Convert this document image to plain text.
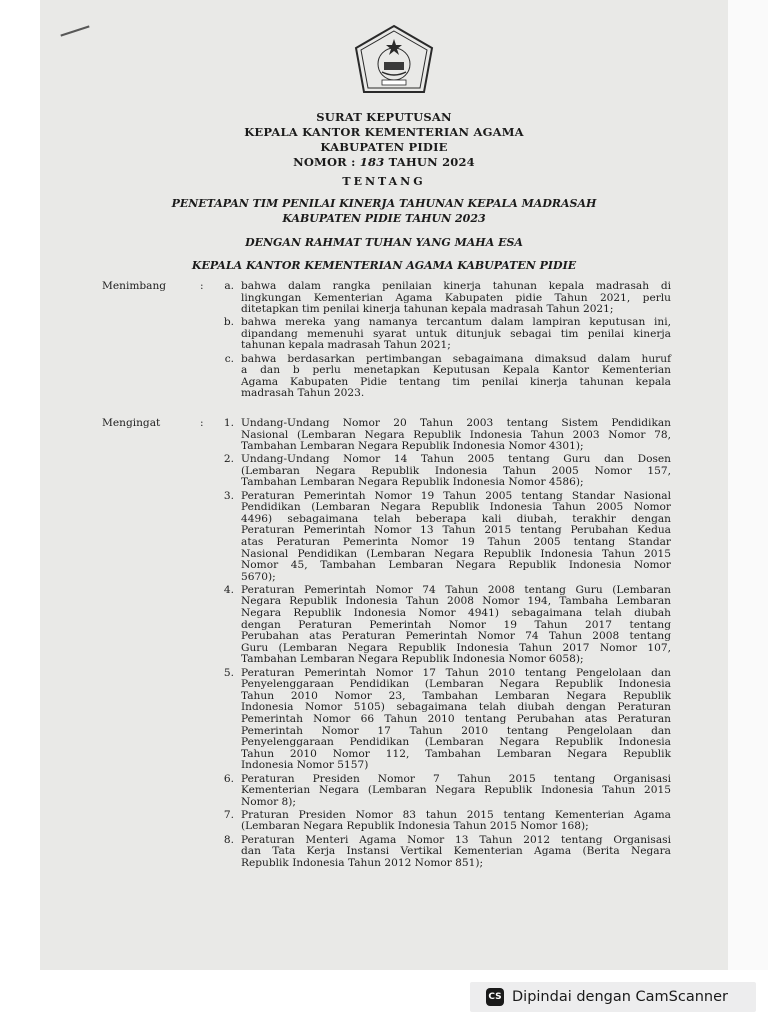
SURAT KEPUTUSAN
KEPALA KANTOR KEMENTERIAN AGAMA
KABUPATEN PIDIE
NOMOR : 183 TAHUN 2024
TENTANG
PENETAPAN TIM PENILAI KINERJA TAHUNAN KEPALA MADRASAH
KABUPATEN PIDIE TAHUN 2023
DENGAN RAHMAT TUHAN YANG MAHA ESA
KEPALA KANTOR KEMENTERIAN AGAMA KABUPATEN PIDIE
Menimbang	:	a. bahwa dalam rangka penilaian kinerja tahunan kepala madrasah di
lingkungan Kementerian Agama Kabupaten pidie Tahun 2021, perlu
ditetapkan tim penilai kinerja tahunan kepala madrasah Tahun 2021;
b. bahwa mereka yang namanya tercantum dalam lampiran keputusan ini,
dipandang memenuhi syarat untuk ditunjuk sebagai tim penilai kinerja
tahunan kepala madrasah Tahun 2021;
c. bahwa berdasarkan pertimbangan sebagaimana dimaksud dalam huruf
a dan b perlu menetapkan Keputusan Kepala Kantor Kementerian
Agama Kabupaten Pidie tentang tim penilai kinerja tahunan kepala
madrasah Tahun 2023.
Mengingat	:	1. Undang-Undang Nomor 20 Tahun 2003 tentang Sistem Pendidikan
Nasional (Lembaran Negara Republik Indonesia Tahun 2003 Nomor 78,
Tambahan Lembaran Negara Republik Indonesia Nomor 4301);
2. Undang-Undang Nomor 14 Tahun 2005 tentang Guru dan Dosen
(Lembaran Negara Republik Indonesia Tahun 2005 Nomor 157,
Tambahan Lembaran Negara Republik Indonesia Nomor 4586);
3. Peraturan Pemerintah Nomor 19 Tahun 2005 tentang Standar Nasional
Pendidikan (Lembaran Negara Republik Indonesia Tahun 2005 Nomor
4496) sebagaimana telah beberapa kali diubah, terakhir dengan
Peraturan Pemerintah Nomor 13 Tahun 2015 tentang Perubahan Kedua
atas Peraturan Pemerinta Nomor 19 Tahun 2005 tentang Standar
Nasional Pendidikan (Lembaran Negara Republik Indonesia Tahun 2015
Nomor 45, Tambahan Lembaran Negara Republik Indonesia Nomor
5670);
4. Peraturan Pemerintah Nomor 74 Tahun 2008 tentang Guru (Lembaran
Negara Republik Indonesia Tahun 2008 Nomor 194, Tambaha Lembaran
Negara Republik Indonesia Nomor 4941) sebagaimana telah diubah
dengan Peraturan Pemerintah Nomor 19 Tahun 2017 tentang
Perubahan atas Peraturan Pemerintah Nomor 74 Tahun 2008 tentang
Guru (Lembaran Negara Republik Indonesia Tahun 2017 Nomor 107,
Tambahan Lembaran Negara Republik Indonesia Nomor 6058);
5. Peraturan Pemerintah Nomor 17 Tahun 2010 tentang Pengelolaan dan
Penyelenggaraan Pendidikan (Lembaran Negara Republik Indonesia
Tahun 2010 Nomor 23, Tambahan Lembaran Negara Republik
Indonesia Nomor 5105) sebagaimana telah diubah dengan Peraturan
Pemerintah Nomor 66 Tahun 2010 tentang Perubahan atas Peraturan
Pemerintah Nomor 17 Tahun 2010 tentang Pengelolaan dan
Penyelenggaraan Pendidikan (Lembaran Negara Republik Indonesia
Tahun 2010 Nomor 112, Tambahan Lembaran Negara Republik
Indonesia Nomor 5157)
6. Peraturan Presiden Nomor 7 Tahun 2015 tentang Organisasi
Kementerian Negara (Lembaran Negara Republik Indonesia Tahun 2015
Nomor 8);
7. Praturan Presiden Nomor 83 tahun 2015 tentang Kementerian Agama
(Lembaran Negara Republik Indonesia Tahun 2015 Nomor 168);
8. Peraturan Menteri Agama Nomor 13 Tahun 2012 tentang Organisasi
dan Tata Kerja Instansi Vertikal Kementerian Agama (Berita Negara
Republik Indonesia Tahun 2012 Nomor 851);
CS Dipindai dengan CamScanner
